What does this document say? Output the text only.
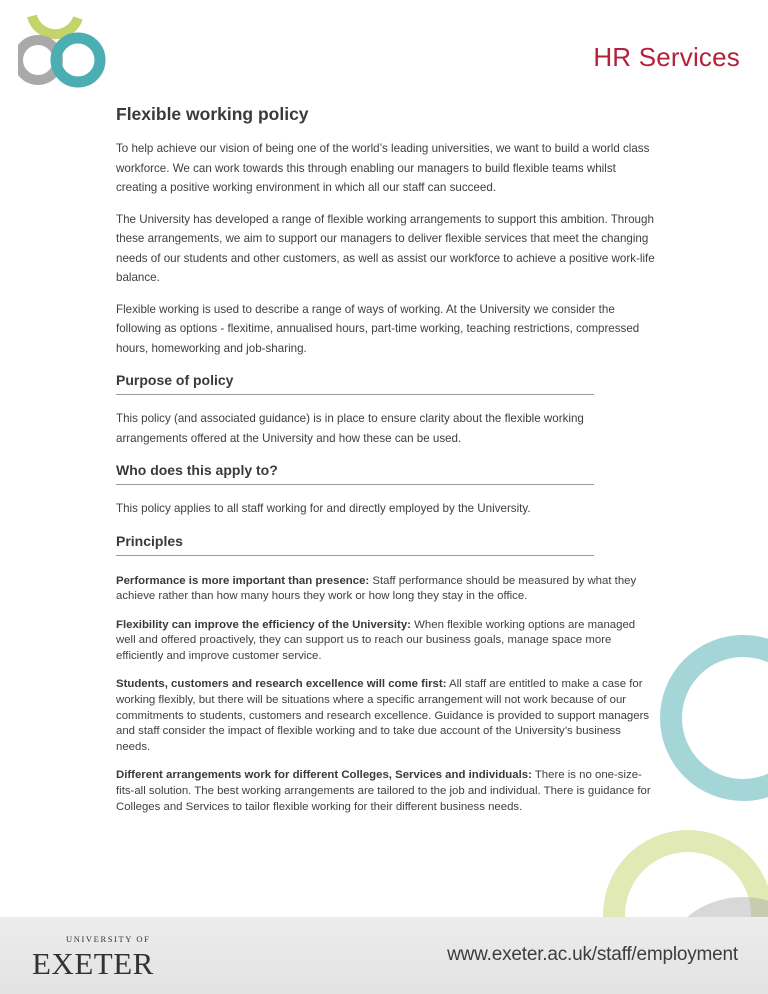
HR Services
Flexible working policy

To help achieve our vision of being one of the world’s leading universities, we want to build a world class workforce. We can work towards this through enabling our managers to build flexible teams whilst creating a positive working environment in which all our staff can succeed.

The University has developed a range of flexible working arrangements to support this ambition. Through these arrangements, we aim to support our managers to deliver flexible services that meet the changing needs of our students and other customers, as well as assist our workforce to achieve a positive work-life balance.

Flexible working is used to describe a range of ways of working. At the University we consider the following as options - flexitime, annualised hours, part-time working, teaching restrictions, compressed hours, homeworking and job-sharing.

Purpose of policy

This policy (and associated guidance) is in place to ensure clarity about the flexible working arrangements offered at the University and how these can be used.

Who does this apply to?

This policy applies to all staff working for and directly employed by the University.

Principles

Performance is more important than presence: Staff performance should be measured by what they achieve rather than how many hours they work or how long they stay in the office.

Flexibility can improve the efficiency of the University: When flexible working options are managed well and offered proactively, they can support us to reach our business goals, manage space more efficiently and improve customer service.

Students, customers and research excellence will come first: All staff are entitled to make a case for working flexibly, but there will be situations where a specific arrangement will not work because of our commitments to students, customers and research excellence. Guidance is provided to support managers and staff consider the impact of flexible working and to take due account of the University’s business needs.

Different arrangements work for different Colleges, Services and individuals: There is no one-size-fits-all solution. The best working arrangements are tailored to the job and individual. There is guidance for Colleges and Services to tailor flexible working for their different business needs.

UNIVERSITY OF
EXETER	www.exeter.ac.uk/staff/employment
